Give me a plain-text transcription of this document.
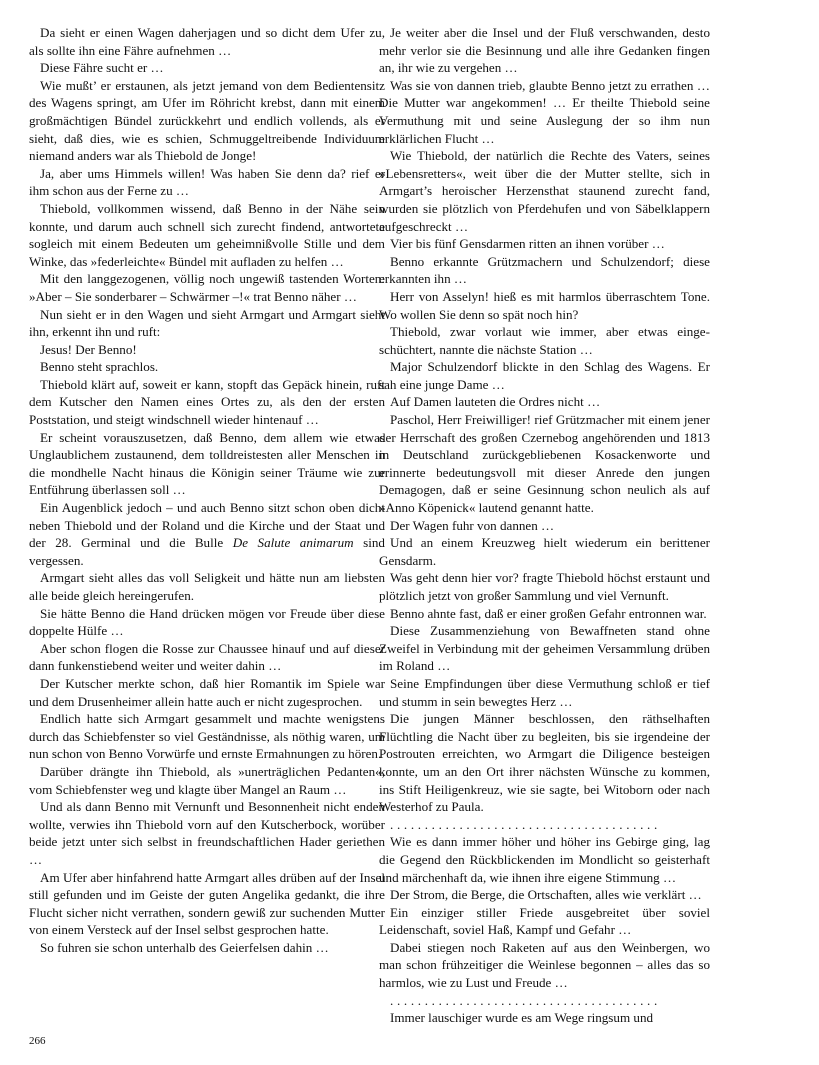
Da sieht er einen Wagen daherjagen und so dicht dem Ufer zu, als sollte ihn eine Fähre aufnehmen …

Diese Fähre sucht er …

Wie mußt’ er erstaunen, als jetzt jemand von dem Bedientensitz des Wagens springt, am Ufer im Röhricht krebst, dann mit einem großmächtigen Bündel zurückkehrt und endlich vollends, als er sieht, daß dies, wie es schien, Schmuggeltreibende Individuum niemand anders war als Thiebold de Jonge!

Ja, aber ums Himmels willen! Was haben Sie denn da? rief er ihm schon aus der Ferne zu …

Thiebold, vollkommen wissend, daß Benno in der Nähe sein konnte, und darum auch schnell sich zurecht findend, antwortete sogleich mit einem Bedeuten um geheimnißvolle Stille und dem Winke, das »federleichte« Bündel mit aufladen zu helfen …

Mit den langgezogenen, völlig noch ungewiß tastenden Worten: »Aber – Sie sonderbarer – Schwärmer –!« trat Benno näher …

Nun sieht er in den Wagen und sieht Armgart und Armgart sieht ihn, erkennt ihn und ruft:

Jesus! Der Benno!

Benno steht sprachlos.

Thiebold klärt auf, soweit er kann, stopft das Gepäck hinein, ruft dem Kutscher den Namen eines Ortes zu, als den der ersten Poststation, und steigt windschnell wieder hintenauf …

Er scheint vorauszusetzen, daß Benno, dem allem wie etwas Unglaublichem zustaunend, dem tolldreistesten aller Menschen in die mondhelle Nacht hinaus die Königin seiner Träume wie zur Entführung überlassen soll …

Ein Augenblick jedoch – und auch Benno sitzt schon oben dicht neben Thiebold und der Roland und die Kirche und der Staat und der 28. Germinal und die Bulle De Salute animarum sind vergessen.

Armgart sieht alles das voll Seligkeit und hätte nun am liebsten alle beide gleich hereingerufen.

Sie hätte Benno die Hand drücken mögen vor Freude über diese doppelte Hülfe …

Aber schon flogen die Rosse zur Chaussee hinauf und auf dieser dann funkenstiebend weiter und weiter dahin …

Der Kutscher merkte schon, daß hier Romantik im Spiele war und dem Drusenheimer allein hatte auch er nicht zugesprochen.

Endlich hatte sich Armgart gesammelt und machte wenigstens durch das Schiebfenster so viel Geständnisse, als nöthig waren, um nun schon von Benno Vorwürfe und ernste Ermahnungen zu hören.

Darüber drängte ihn Thiebold, als »unerträglichen Pedanten«, vom Schiebfenster weg und klagte über Mangel an Raum …

Und als dann Benno mit Vernunft und Besonnenheit nicht enden wollte, verwies ihn Thiebold vorn auf den Kutscherbock, worüber beide jetzt unter sich selbst in freundschaftlichen Hader geriethen …

Am Ufer aber hinfahrend hatte Armgart alles drüben auf der Insel still gefunden und im Geiste der guten Angelika gedankt, die ihre Flucht sicher nicht verrathen, sondern gewiß zur suchenden Mutter von einem Versteck auf der Insel selbst gesprochen hatte.

So fuhren sie schon unterhalb des Geierfelsen dahin …

Je weiter aber die Insel und der Fluß verschwanden, desto mehr verlor sie die Besinnung und alle ihre Gedanken fingen an, ihr wie zu vergehen …

Was sie von dannen trieb, glaubte Benno jetzt zu errathen … Die Mutter war angekommen! … Er theilte Thiebold seine Vermuthung mit und seine Auslegung der so ihm nun erklärlichen Flucht …

Wie Thiebold, der natürlich die Rechte des Vaters, seines »Lebensretters«, weit über die der Mutter stellte, sich in Armgart’s heroischer Herzensthat staunend zurecht fand, wurden sie plötzlich von Pferdehufen und von Säbelklappern aufgeschreckt …

Vier bis fünf Gensdarmen ritten an ihnen vorüber …

Benno erkannte Grützmachern und Schulzendorf; diese erkannten ihn …

Herr von Asselyn! hieß es mit harmlos überraschtem Tone. Wo wollen Sie denn so spät noch hin?

Thiebold, zwar vorlaut wie immer, aber etwas eingeschüchtert, nannte die nächste Station …

Major Schulzendorf blickte in den Schlag des Wagens. Er sah eine junge Dame …

Auf Damen lauteten die Ordres nicht …

Paschol, Herr Freiwilliger! rief Grützmacher mit einem jener der Herrschaft des großen Czernebog angehörenden und 1813 in Deutschland zurückgebliebenen Kosackenworte und erinnerte bedeutungsvoll mit dieser Anrede den jungen Demagogen, daß er seine Gesinnung schon neulich als auf »Anno Köpenick« lautend genannt hatte.

Der Wagen fuhr von dannen …

Und an einem Kreuzweg hielt wiederum ein berittener Gensdarm.

Was geht denn hier vor? fragte Thiebold höchst erstaunt und plötzlich jetzt von großer Sammlung und viel Vernunft.

Benno ahnte fast, daß er einer großen Gefahr entronnen war.

Diese Zusammenziehung von Bewaffneten stand ohne Zweifel in Verbindung mit der geheimen Versammlung drüben im Roland …

Seine Empfindungen über diese Vermuthung schloß er tief und stumm in sein bewegtes Herz …

Die jungen Männer beschlossen, den räthselhaften Flüchtling die Nacht über zu begleiten, bis sie irgendeine der Postrouten erreichten, wo Armgart die Diligence besteigen konnte, um an den Ort ihrer nächsten Wünsche zu kommen, ins Stift Heiligenkreuz, wie sie sagte, bei Witoborn oder nach Westerhof zu Paula.

. . . . . . . . . . . . . . . . . . . . . . . . . . . . . . . . . . . . . . .

Wie es dann immer höher und höher ins Gebirge ging, lag die Gegend den Rückblickenden im Mondlicht so geisterhaft und märchenhaft da, wie ihnen ihre eigene Stimmung …

Der Strom, die Berge, die Ortschaften, alles wie verklärt …

Ein einziger stiller Friede ausgebreitet über soviel Leidenschaft, soviel Haß, Kampf und Gefahr …

Dabei stiegen noch Raketen auf aus den Weinbergen, wo man schon frühzeitiger die Weinlese begonnen – alles das so harmlos, wie zu Lust und Freude …

. . . . . . . . . . . . . . . . . . . . . . . . . . . . . . . . . . . . . . .

Immer lauschiger wurde es am Wege ringsum und

266
